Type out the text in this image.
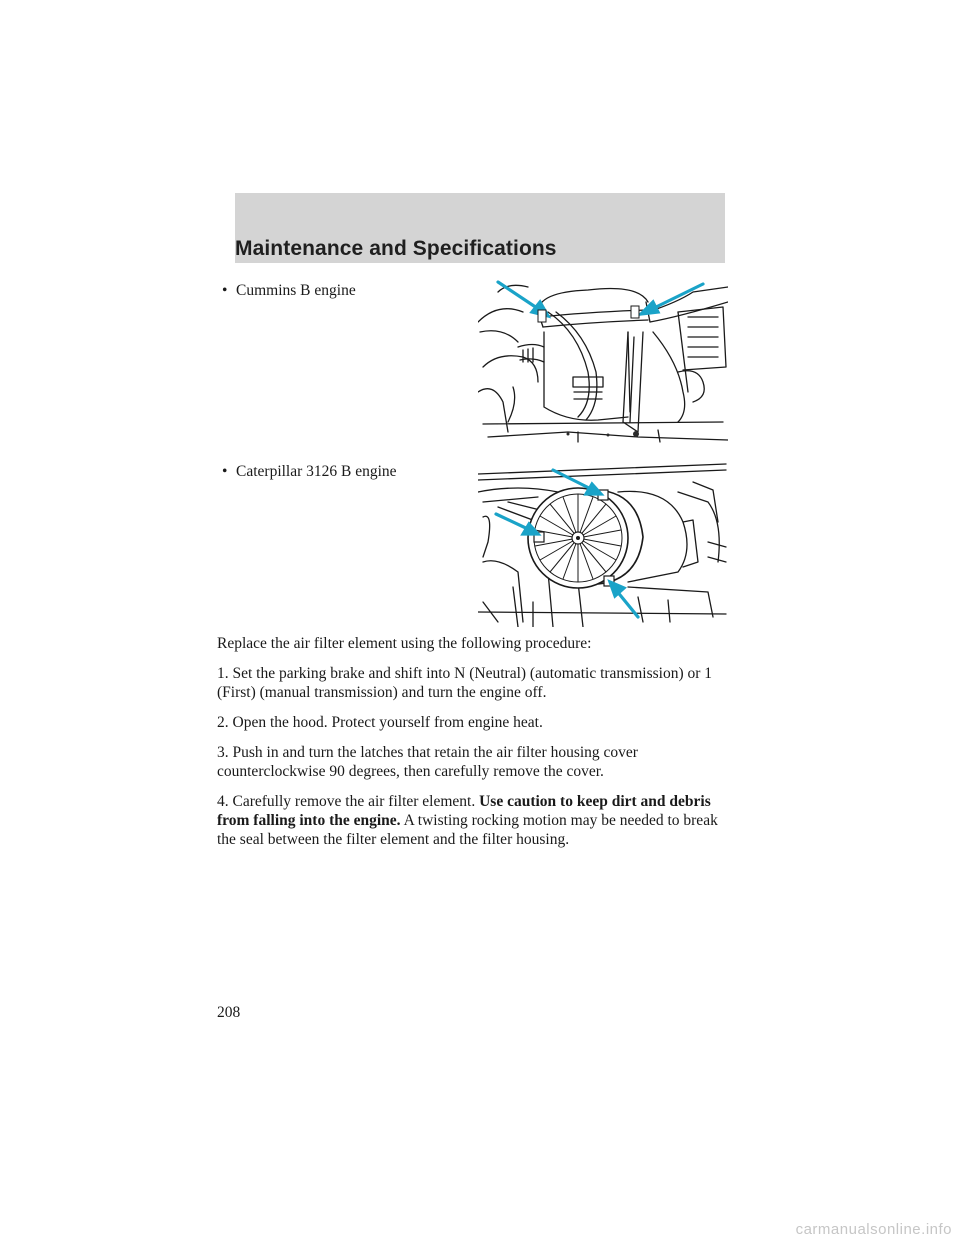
Maintenance and Specifications
• Cummins B engine
• Caterpillar 3126 B engine

Replace the air filter element using the following procedure:

1. Set the parking brake and shift into N (Neutral) (automatic transmission) or 1 (First) (manual transmission) and turn the engine off.

2. Open the hood. Protect yourself from engine heat.

3. Push in and turn the latches that retain the air filter housing cover counterclockwise 90 degrees, then carefully remove the cover.

4. Carefully remove the air filter element. Use caution to keep dirt and debris from falling into the engine. A twisting rocking motion may be needed to break the seal between the filter element and the filter housing.

208
carmanualsonline.info
